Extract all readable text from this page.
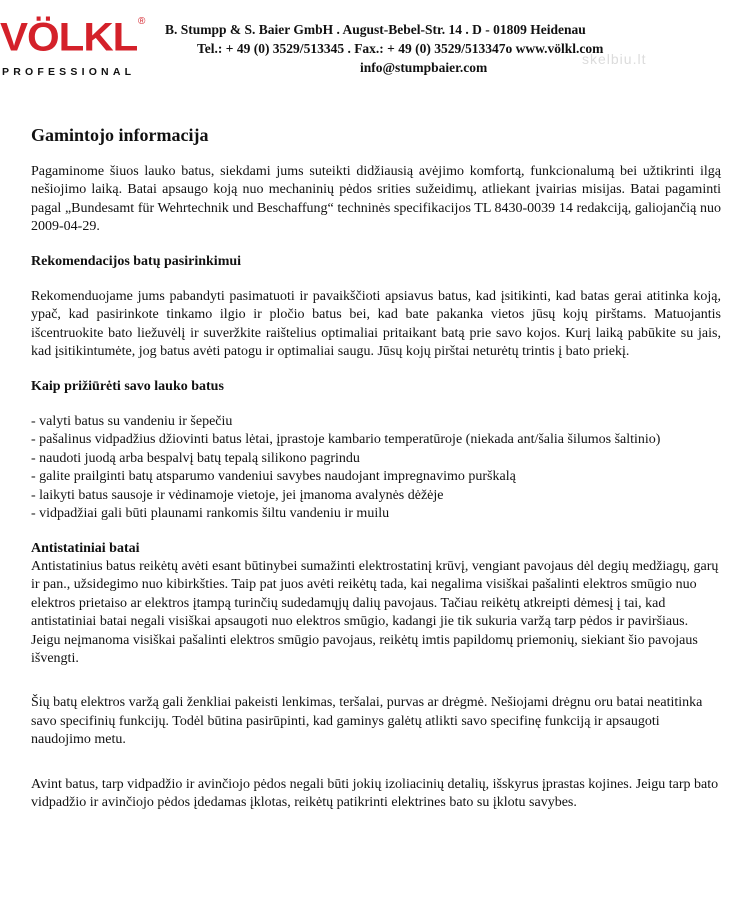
VÖLKL ®
PROFESSIONAL
B. Stumpp & S. Baier GmbH . August-Bebel-Str. 14 . D - 01809 Heidenau
Tel.: + 49 (0) 3529/513345 . Fax.: + 49 (0) 3529/513347o www.völkl.com
info@stumpbaier.com
skelbiu.lt
Gamintojo informacija

Pagaminome šiuos lauko batus, siekdami jums suteikti didžiausią avėjimo komfortą, funkcionalumą bei užtikrinti ilgą nešiojimo laiką. Batai apsaugo koją nuo mechaninių pėdos srities sužeidimų, atliekant įvairias misijas. Batai pagaminti pagal „Bundesamt für Wehrtechnik und Beschaffung“ techninės specifikacijos TL 8430-0039 14 redakciją, galiojančią nuo 2009-04-29.

Rekomendacijos batų pasirinkimui

Rekomenduojame jums pabandyti pasimatuoti ir pavaikščioti apsiavus batus, kad įsitikinti, kad batas gerai atitinka koją, ypač, kad pasirinkote tinkamo ilgio ir pločio batus bei, kad bate pakanka vietos jūsų kojų pirštams. Matuojantis išcentruokite bato liežuvėlį ir suveržkite raištelius optimaliai pritaikant batą prie savo kojos. Kurį laiką pabūkite su jais, kad įsitikintumėte, jog batus avėti patogu ir optimaliai saugu. Jūsų kojų pirštai neturėtų trintis į bato priekį.

Kaip prižiūrėti savo lauko batus
- valyti batus su vandeniu ir šepečiu
- pašalinus vidpadžius džiovinti batus lėtai, įprastoje kambario temperatūroje (niekada ant/šalia šilumos šaltinio)
- naudoti juodą arba bespalvį batų tepalą silikono pagrindu
- galite prailginti batų atsparumo vandeniui savybes naudojant impregnavimo purškalą
- laikyti batus sausoje ir vėdinamoje vietoje, jei įmanoma avalynės dėžėje
- vidpadžiai gali būti plaunami rankomis šiltu vandeniu ir muilu
Antistatiniai batai

Antistatinius batus reikėtų avėti esant būtinybei sumažinti elektrostatinį krūvį, vengiant pavojaus dėl degių medžiagų, garų ir pan., užsidegimo nuo kibirkšties. Taip pat juos avėti reikėtų tada, kai negalima visiškai pašalinti elektros smūgio nuo elektros prietaiso ar elektros įtampą turinčių sudedamųjų dalių pavojaus. Tačiau reikėtų atkreipti dėmesį į tai, kad antistatiniai batai negali visiškai apsaugoti nuo elektros smūgio, kadangi jie tik sukuria varžą tarp pėdos ir paviršiaus. Jeigu neįmanoma visiškai pašalinti elektros smūgio pavojaus, reikėtų imtis papildomų priemonių, siekiant šio pavojaus išvengti.

Šių batų elektros varžą gali ženkliai pakeisti lenkimas, teršalai, purvas ar drėgmė. Nešiojami drėgnu oru batai neatitinka savo specifinių funkcijų. Todėl būtina pasirūpinti, kad gaminys galėtų atlikti savo specifinę funkciją ir apsaugoti naudojimo metu.

Avint batus, tarp vidpadžio ir avinčiojo pėdos negali būti jokių izoliacinių detalių, išskyrus įprastas kojines. Jeigu tarp bato vidpadžio ir avinčiojo pėdos įdedamas įklotas, reikėtų patikrinti elektrines bato su įklotu savybes.
